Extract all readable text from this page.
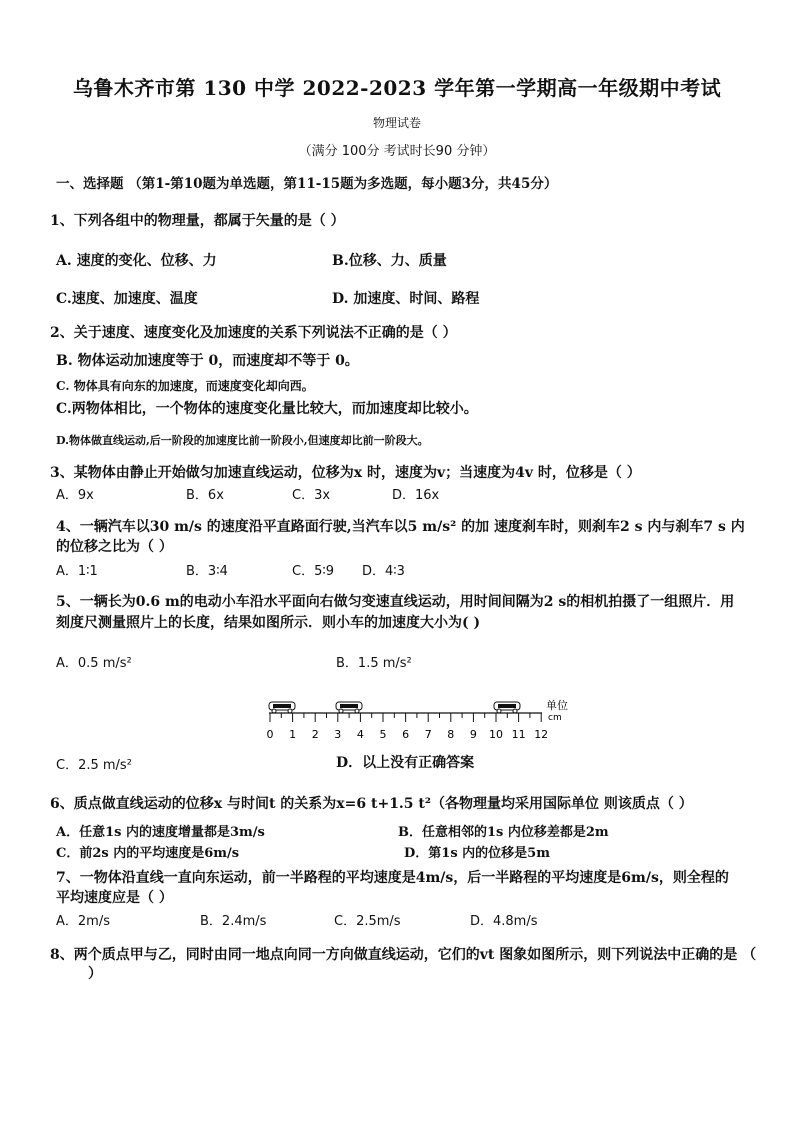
乌鲁木齐市第 130 中学 2022-2023 学年第一学期高一年级期中考试
物理试卷
（满分 100分 考试时长90 分钟）
一、选择题 （第1-第10题为单选题，第11-15题为多选题，每小题3分，共45分）
1、下列各组中的物理量，都属于矢量的是（ ）
A. 速度的变化、位移、力	B.位移、力、质量
C.速度、加速度、温度	D. 加速度、时间、路程
2、关于速度、速度变化及加速度的关系下列说法不正确的是（ ）
B. 物体运动加速度等于 0，而速度却不等于 0。
C. 物体具有向东的加速度，而速度变化却向西。
C.两物体相比，一个物体的速度变化量比较大，而加速度却比较小。
D.物体做直线运动,后一阶段的加速度比前一阶段小,但速度却比前一阶段大。
3、某物体由静止开始做匀加速直线运动，位移为x 时，速度为v；当速度为4v 时，位移是（ ）
A．9x	B．6x	C．3x	D．16x
4、一辆汽车以30 m/s 的速度沿平直路面行驶,当汽车以5 m/s² 的加 速度刹车时，则刹车2 s 内与刹车7 s 内
的位移之比为（ ）
A．1∶1	B．3∶4	C．5∶9 D．4∶3
5、一辆长为0.6 m的电动小车沿水平面向右做匀变速直线运动，用时间间隔为2 s的相机拍摄了一组照片．用
刻度尺测量照片上的长度，结果如图所示．则小车的加速度大小为( )
A．0.5 m/s²	B．1.5 m/s²
0 1 2 3 4 5 6 7 8 9 10 11 12
单位
cm
C．2.5 m/s²	D．以上没有正确答案
6、质点做直线运动的位移x 与时间t 的关系为x=6 t+1.5 t²（各物理量均采用国际单位 则该质点（ ）
A．任意1s 内的速度增量都是3m/s	B．任意相邻的1s 内位移差都是2m
C．前2s 内的平均速度是6m/s	D．第1s 内的位移是5m
7、一物体沿直线一直向东运动，前一半路程的平均速度是4m/s，后一半路程的平均速度是6m/s，则全程的
平均速度应是（ ）
A．2m/s	B．2.4m/s	C．2.5m/s	D．4.8m/s
8、两个质点甲与乙，同时由同一地点向同一方向做直线运动，它们的vt 图象如图所示，则下列说法中正确的是 （
）
